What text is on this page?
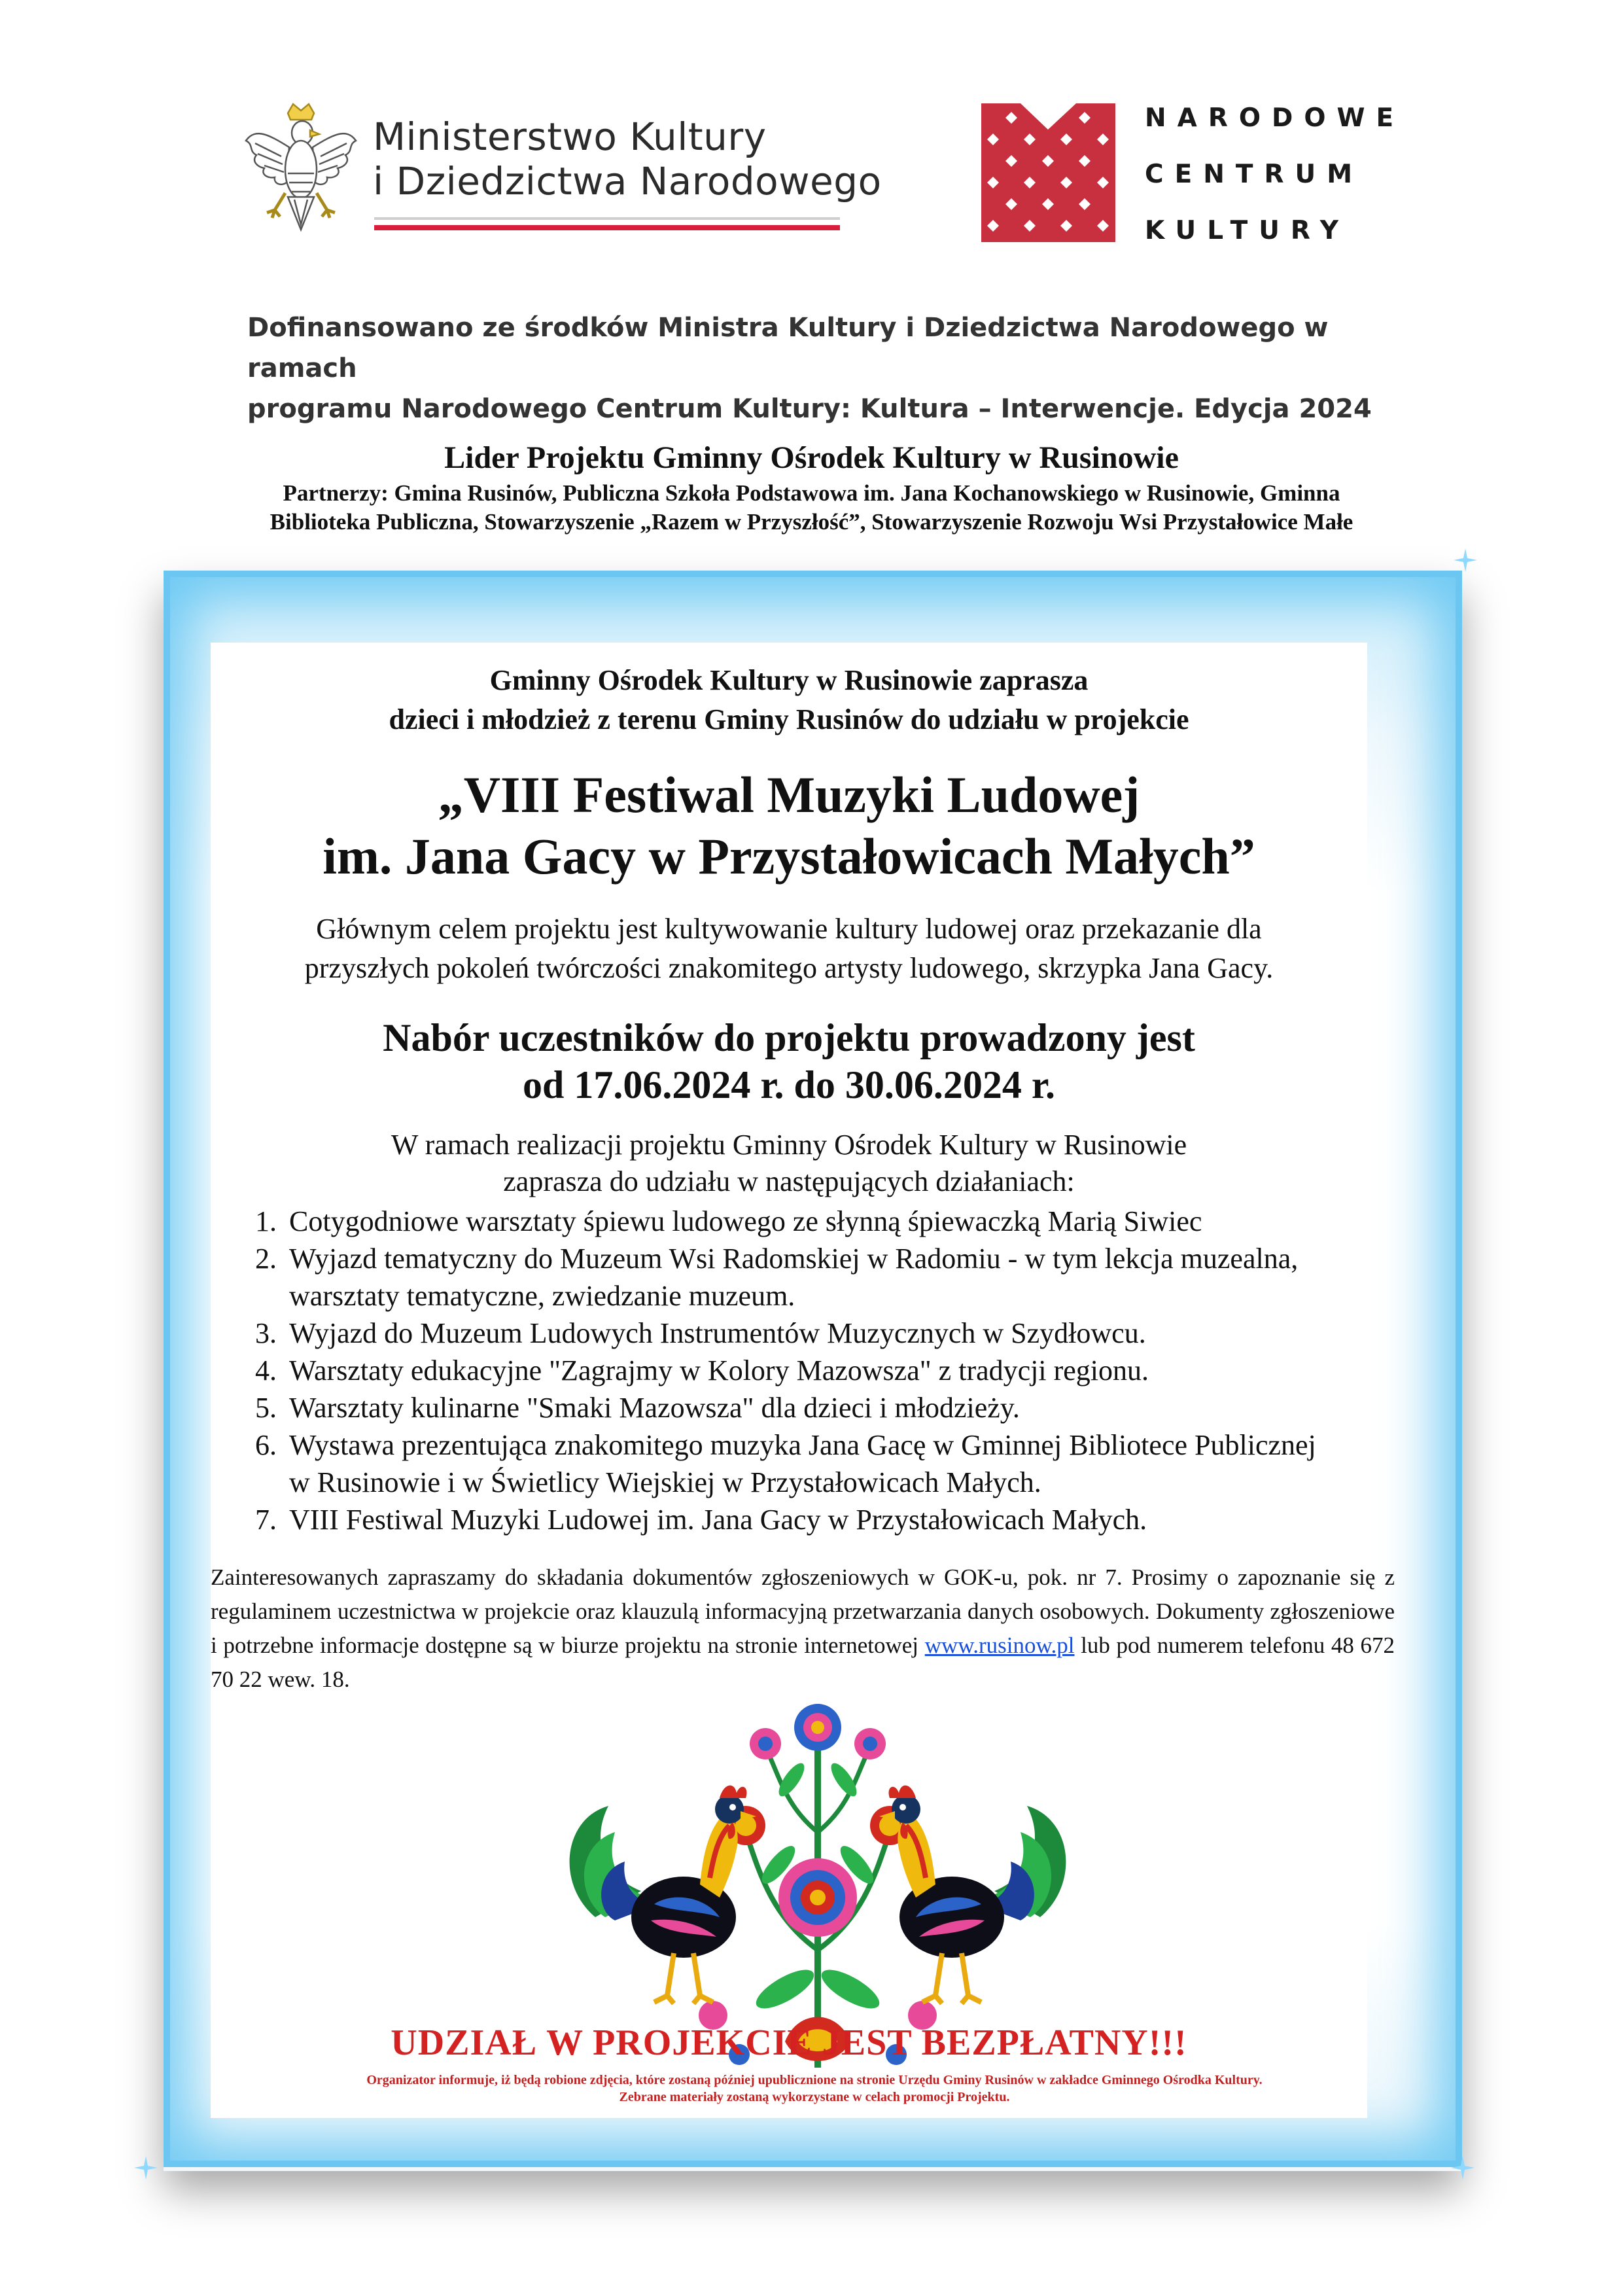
Ministerstwo Kultury
i Dziedzictwa Narodowego
NARODOWE
CENTRUM
KULTURY
Dofinansowano ze środków Ministra Kultury i Dziedzictwa Narodowego w ramach
programu Narodowego Centrum Kultury: Kultura – Interwencje. Edycja 2024
Lider Projektu Gminny Ośrodek Kultury w Rusinowie
Partnerzy: Gmina Rusinów, Publiczna Szkoła Podstawowa im. Jana Kochanowskiego w Rusinowie, Gminna
Biblioteka Publiczna, Stowarzyszenie „Razem w Przyszłość”, Stowarzyszenie Rozwoju Wsi Przystałowice Małe
Gminny Ośrodek Kultury w Rusinowie zaprasza
dzieci i młodzież z terenu Gminy Rusinów do udziału w projekcie
„VIII Festiwal Muzyki Ludowej
im. Jana Gacy w Przystałowicach Małych”
Głównym celem projektu jest kultywowanie kultury ludowej oraz przekazanie dla
przyszłych pokoleń twórczości znakomitego artysty ludowego, skrzypka Jana Gacy.
Nabór uczestników do projektu prowadzony jest
od 17.06.2024 r. do 30.06.2024 r.
W ramach realizacji projektu Gminny Ośrodek Kultury w Rusinowie
zaprasza do udziału w następujących działaniach:
1. Cotygodniowe warsztaty śpiewu ludowego ze słynną śpiewaczką Marią Siwiec
2. Wyjazd tematyczny do Muzeum Wsi Radomskiej w Radomiu - w tym lekcja muzealna, warsztaty tematyczne, zwiedzanie muzeum.
3. Wyjazd do Muzeum Ludowych Instrumentów Muzycznych w Szydłowcu.
4. Warsztaty edukacyjne "Zagrajmy w Kolory Mazowsza" z tradycji regionu.
5. Warsztaty kulinarne "Smaki Mazowsza" dla dzieci i młodzieży.
6. Wystawa prezentująca znakomitego muzyka Jana Gacę w Gminnej Bibliotece Publicznej w Rusinowie i w Świetlicy Wiejskiej w Przystałowicach Małych.
7. VIII Festiwal Muzyki Ludowej im. Jana Gacy w Przystałowicach Małych.
Zainteresowanych zapraszamy do składania dokumentów zgłoszeniowych w GOK-u, pok. nr 7. Prosimy o zapoznanie się z regulaminem uczestnictwa w projekcie oraz klauzulą informacyjną przetwarzania danych osobowych. Dokumenty zgłoszeniowe i potrzebne informacje dostępne są w biurze projektu na stronie internetowej www.rusinow.pl lub pod numerem telefonu 48 672 70 22 wew. 18.
UDZIAŁ W PROJEKCIE JEST BEZPŁATNY!!!
Organizator informuje, iż będą robione zdjęcia, które zostaną później upublicznione na stronie Urzędu Gminy Rusinów w zakładce Gminnego Ośrodka Kultury.
Zebrane materiały zostaną wykorzystane w celach promocji Projektu.
